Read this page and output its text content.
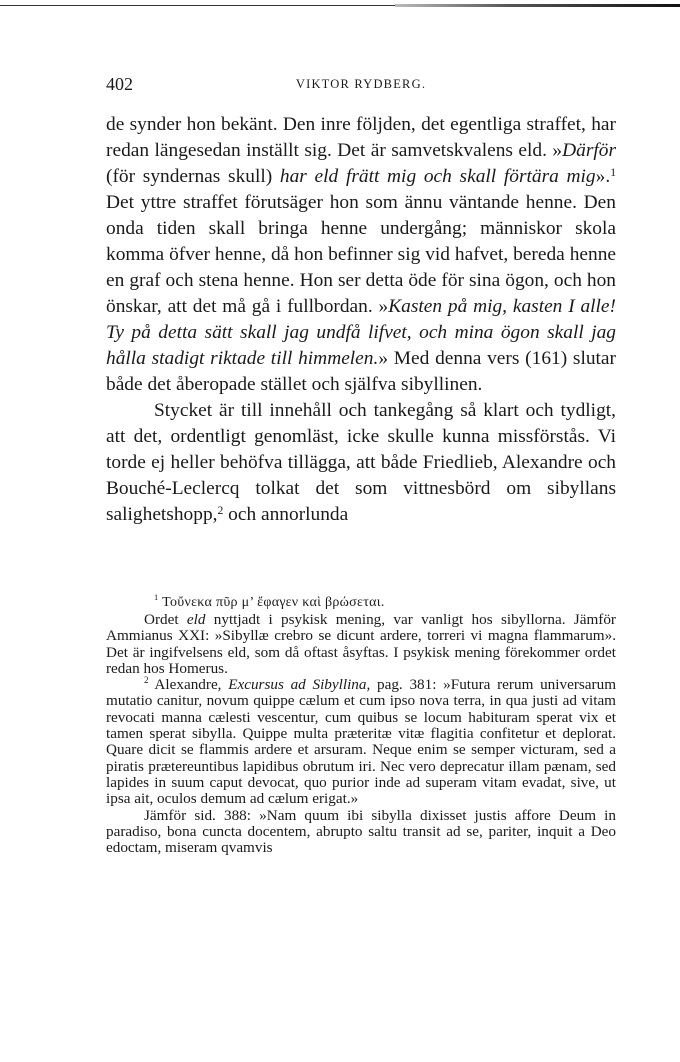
402	VIKTOR RYDBERG.

de synder hon bekänt. Den inre följden, det egentliga straffet, har redan längesedan inställt sig. Det är samvetskvalens eld. »Därför (för syndernas skull) har eld frätt mig och skall förtära mig».$^1$ Det yttre straffet förutsäger hon som ännu väntande henne. Den onda tiden skall bringa henne undergång; människor skola komma öfver henne, då hon befinner sig vid hafvet, bereda henne en graf och stena henne. Hon ser detta öde för sina ögon, och hon önskar, att det må gå i fullbordan. »Kasten på mig, kasten I alle! Ty på detta sätt skall jag undfå lifvet, och mina ögon skall jag hålla stadigt riktade till himmelen.» Med denna vers (161) slutar både det åberopade stället och själfva sibyllinen.

Stycket är till innehåll och tankegång så klart och tydligt, att det, ordentligt genomläst, icke skulle kunna missförstås. Vi torde ej heller behöfva tillägga, att både Friedlieb, Alexandre och Bouché-Leclercq tolkat det som vittnesbörd om sibyllans salighetshopp,$^2$ och annorlunda

$^1$ Τοὔνεκα πῦρ μ’ ἔφαγεν καὶ βρώσεται.

Ordet eld nyttjadt i psykisk mening, var vanligt hos sibyllorna. Jämför Ammianus XXI: »Sibyllæ crebro se dicunt ardere, torreri vi magna flammarum». Det är ingifvelsens eld, som då oftast åsyftas. I psykisk mening förekommer ordet redan hos Homerus.

$^2$ Alexandre, Excursus ad Sibyllina, pag. 381: »Futura rerum universarum mutatio canitur, novum quippe cælum et cum ipso nova terra, in qua justi ad vitam revocati manna cælesti vescentur, cum quibus se locum habituram sperat vix et tamen sperat sibylla. Quippe multa præteritæ vitæ flagitia confitetur et deplorat. Quare dicit se flammis ardere et arsuram. Neque enim se semper victuram, sed a piratis prætereuntibus lapidibus obrutum iri. Nec vero deprecatur illam pænam, sed lapides in suum caput devocat, quo purior inde ad superam vitam evadat, sive, ut ipsa ait, oculos demum ad cælum erigat.»

Jämför sid. 388: »Nam quum ibi sibylla dixisset justis affore Deum in paradiso, bona cuncta docentem, abrupto saltu transit ad se, pariter, inquit a Deo edoctam, miseram qvamvis
